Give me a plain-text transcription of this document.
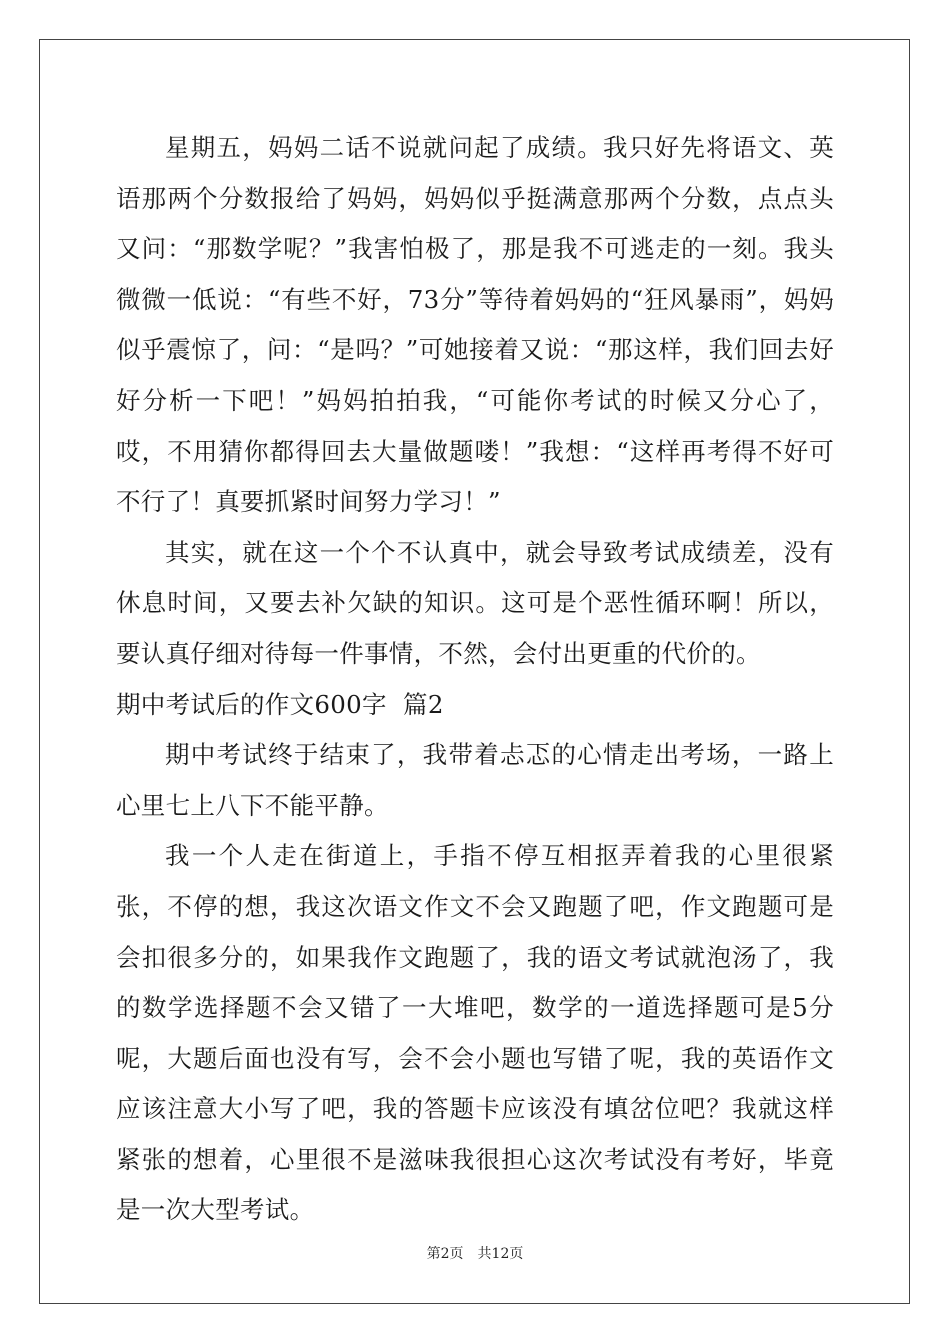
星期五，妈妈二话不说就问起了成绩。我只好先将语文、英语那两个分数报给了妈妈，妈妈似乎挺满意那两个分数，点点头又问：“那数学呢？”我害怕极了，那是我不可逃走的一刻。我头微微一低说：“有些不好，73分”等待着妈妈的“狂风暴雨”，妈妈似乎震惊了，问：“是吗？”可她接着又说：“那这样，我们回去好好分析一下吧！”妈妈拍拍我，“可能你考试的时候又分心了，哎，不用猜你都得回去大量做题喽！”我想：“这样再考得不好可不行了！真要抓紧时间努力学习！”

其实，就在这一个个不认真中，就会导致考试成绩差，没有休息时间，又要去补欠缺的知识。这可是个恶性循环啊！所以，要认真仔细对待每一件事情，不然，会付出更重的代价的。

期中考试后的作文600字  篇2

期中考试终于结束了，我带着忐忑的心情走出考场，一路上心里七上八下不能平静。

我一个人走在街道上，手指不停互相抠弄着我的心里很紧张，不停的想，我这次语文作文不会又跑题了吧，作文跑题可是会扣很多分的，如果我作文跑题了，我的语文考试就泡汤了，我的数学选择题不会又错了一大堆吧，数学的一道选择题可是5分呢，大题后面也没有写，会不会小题也写错了呢，我的英语作文应该注意大小写了吧，我的答题卡应该没有填岔位吧？我就这样紧张的想着，心里很不是滋味我很担心这次考试没有考好，毕竟是一次大型考试。

第2页 共12页
